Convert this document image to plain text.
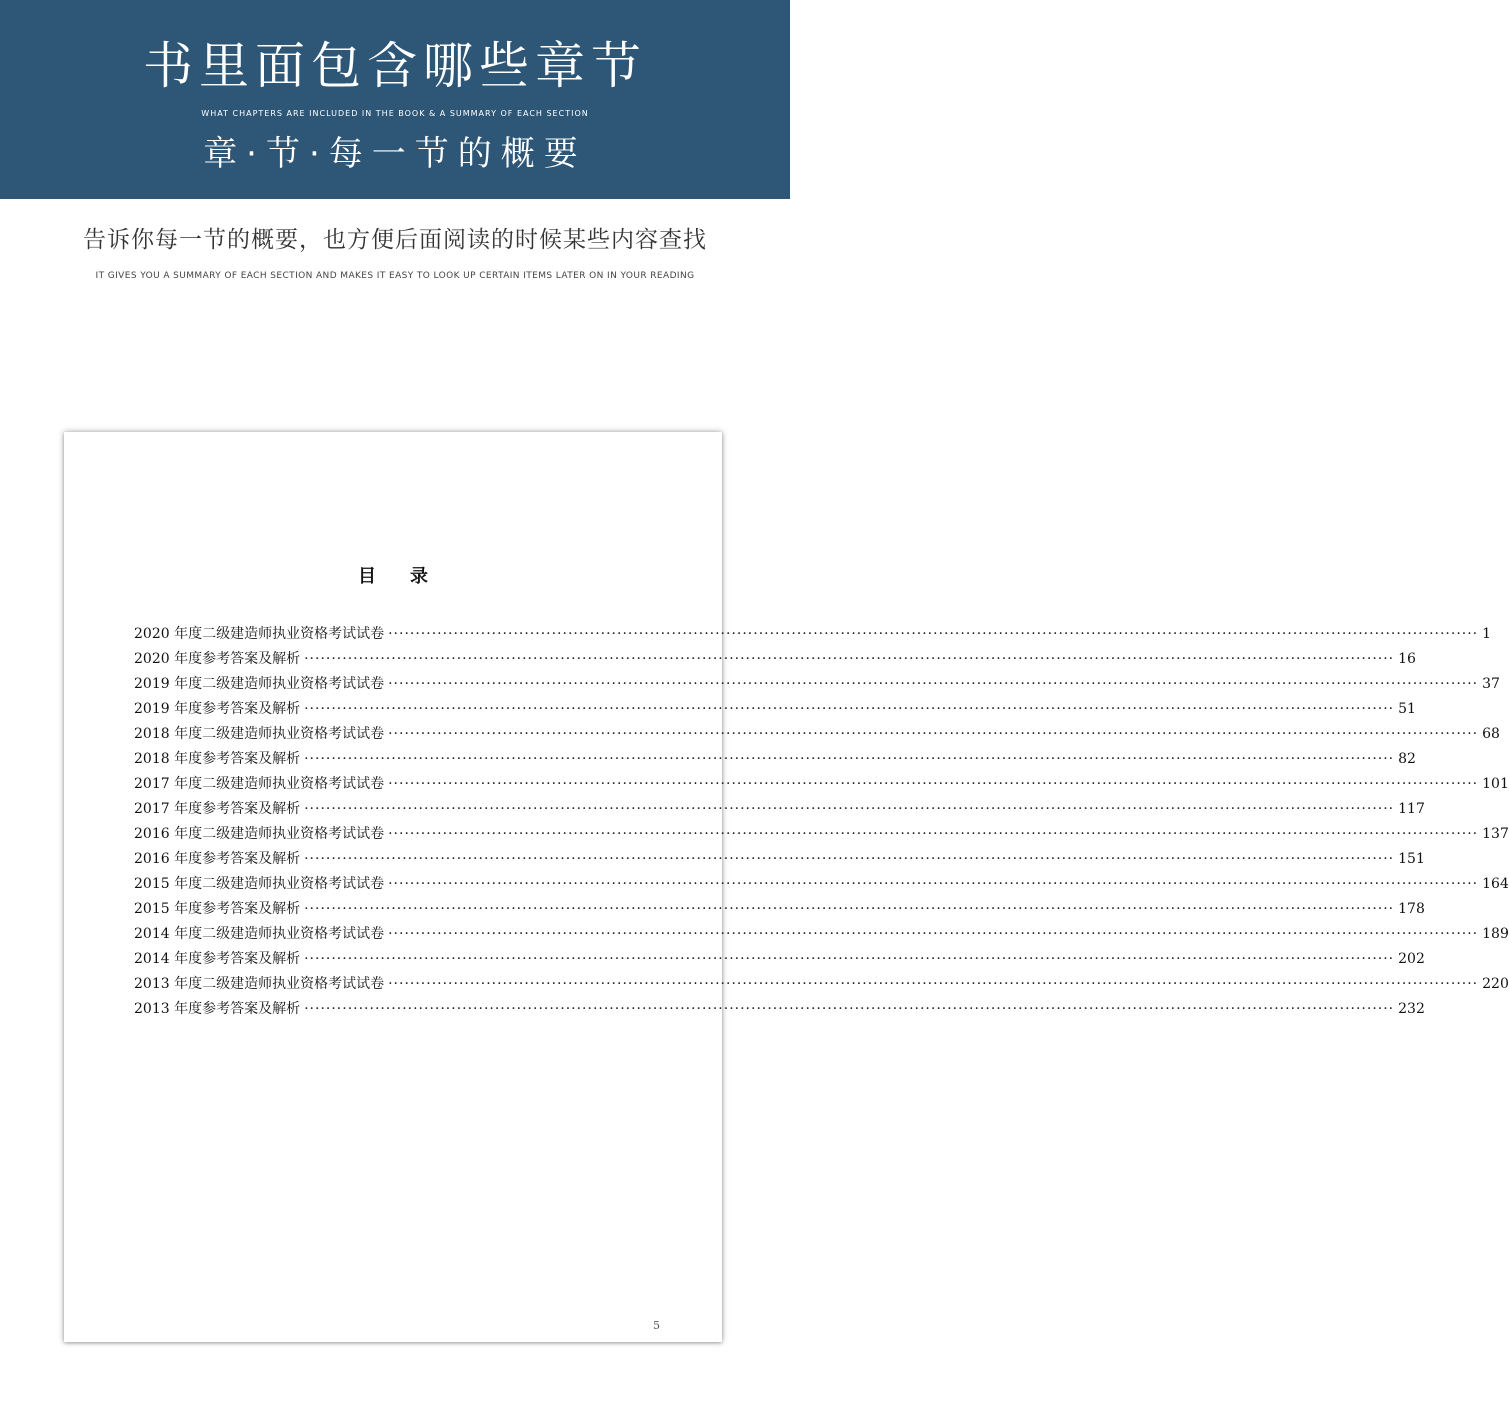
书里面包含哪些章节
WHAT CHAPTERS ARE INCLUDED IN THE BOOK & A SUMMARY OF EACH SECTION
章·节·每一节的概要
告诉你每一节的概要，也方便后面阅读的时候某些内容查找
IT GIVES YOU A SUMMARY OF EACH SECTION AND MAKES IT EASY TO LOOK UP CERTAIN ITEMS LATER ON IN YOUR READING
目录
2020 年度二级建造师执业资格考试试卷 ········································································································································································································ 1
2020 年度参考答案及解析 ········································································································································································································ 16
2019 年度二级建造师执业资格考试试卷 ········································································································································································································ 37
2019 年度参考答案及解析 ········································································································································································································ 51
2018 年度二级建造师执业资格考试试卷 ········································································································································································································ 68
2018 年度参考答案及解析 ········································································································································································································ 82
2017 年度二级建造师执业资格考试试卷 ········································································································································································································ 101
2017 年度参考答案及解析 ········································································································································································································ 117
2016 年度二级建造师执业资格考试试卷 ········································································································································································································ 137
2016 年度参考答案及解析 ········································································································································································································ 151
2015 年度二级建造师执业资格考试试卷 ········································································································································································································ 164
2015 年度参考答案及解析 ········································································································································································································ 178
2014 年度二级建造师执业资格考试试卷 ········································································································································································································ 189
2014 年度参考答案及解析 ········································································································································································································ 202
2013 年度二级建造师执业资格考试试卷 ········································································································································································································ 220
2013 年度参考答案及解析 ········································································································································································································ 232
5
